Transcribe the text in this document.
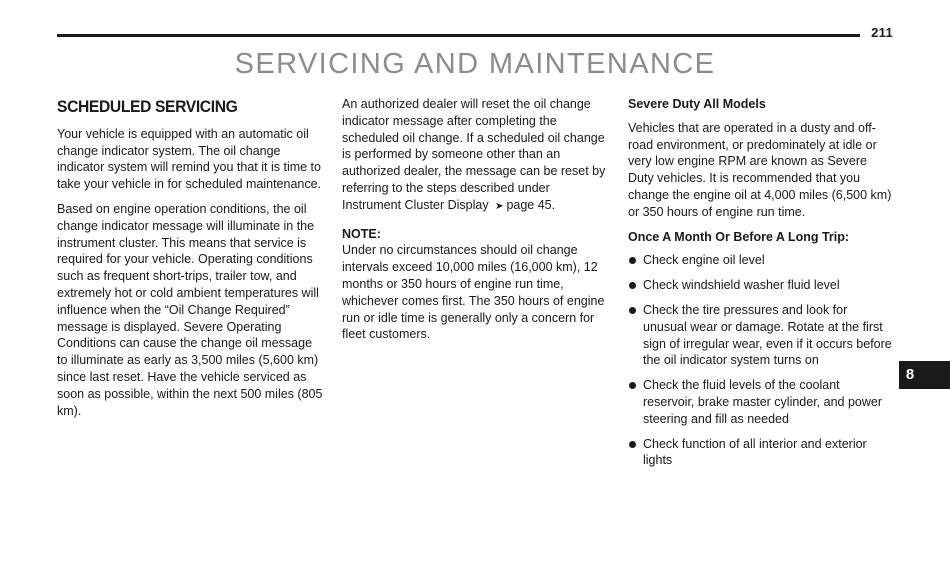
211
SERVICING AND MAINTENANCE
SCHEDULED SERVICING

Your vehicle is equipped with an automatic oil change indicator system. The oil change indicator system will remind you that it is time to take your vehicle in for scheduled maintenance.

Based on engine operation conditions, the oil change indicator message will illuminate in the instrument cluster. This means that service is required for your vehicle. Operating conditions such as frequent short-trips, trailer tow, and extremely hot or cold ambient temperatures will influence when the “Oil Change Required” message is displayed. Severe Operating Conditions can cause the change oil message to illuminate as early as 3,500 miles (5,600 km) since last reset. Have the vehicle serviced as soon as possible, within the next 500 miles (805 km).

An authorized dealer will reset the oil change indicator message after completing the scheduled oil change. If a scheduled oil change is performed by someone other than an authorized dealer, the message can be reset by referring to the steps described under Instrument Cluster Display ➤ page 45.

NOTE:

Under no circumstances should oil change intervals exceed 10,000 miles (16,000 km), 12 months or 350 hours of engine run time, whichever comes first. The 350 hours of engine run or idle time is generally only a concern for fleet customers.

Severe Duty All Models

Vehicles that are operated in a dusty and off-road environment, or predominately at idle or very low engine RPM are known as Severe Duty vehicles. It is recommended that you change the engine oil at 4,000 miles (6,500 km) or 350 hours of engine run time.

Once A Month Or Before A Long Trip:
Check engine oil level
Check windshield washer fluid level
Check the tire pressures and look for unusual wear or damage. Rotate at the first sign of irregular wear, even if it occurs before the oil indicator system turns on
Check the fluid levels of the coolant reservoir, brake master cylinder, and power steering and fill as needed
Check function of all interior and exterior lights
8
